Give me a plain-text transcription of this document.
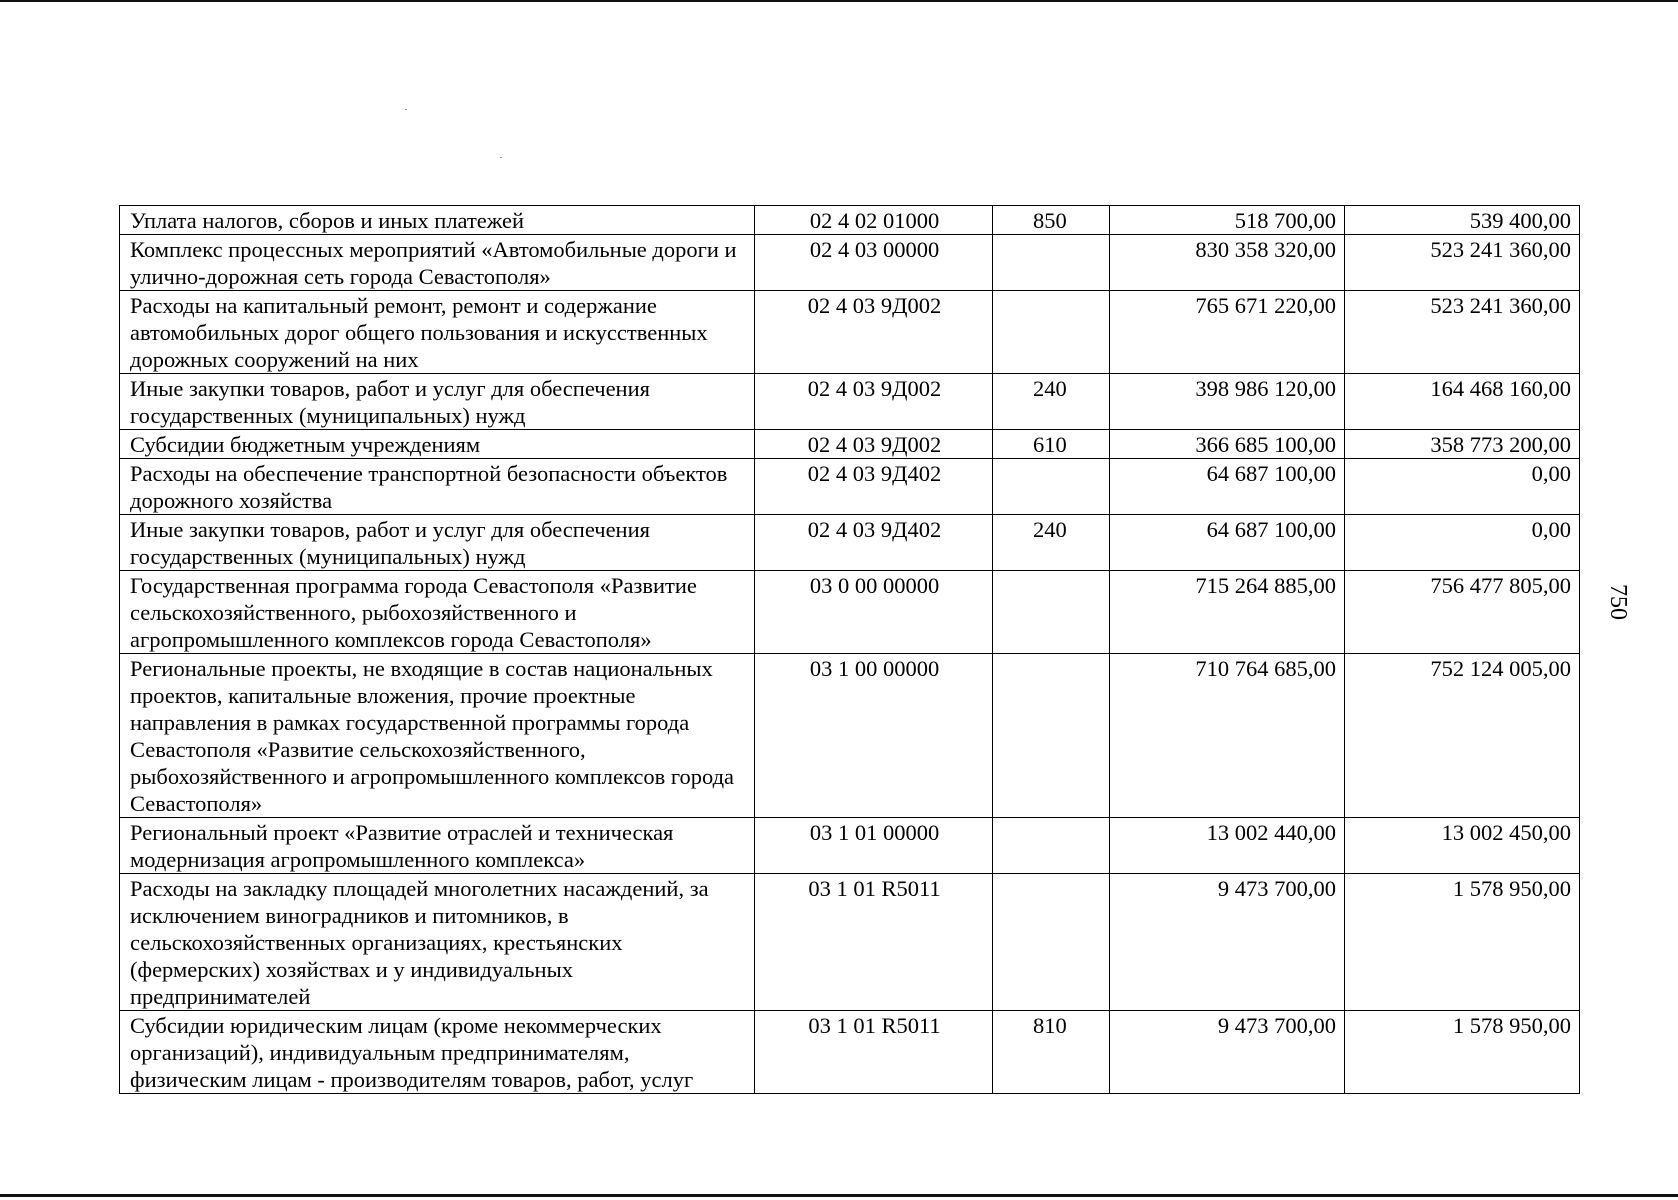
Уплата налогов, сборов и иных платежей	02 4 02 01000	850	518 700,00	539 400,00
Комплекс процессных мероприятий «Автомобильные дороги и улично-дорожная сеть города Севастополя»	02 4 03 00000		830 358 320,00	523 241 360,00
Расходы на капитальный ремонт, ремонт и содержание автомобильных дорог общего пользования и искусственных дорожных сооружений на них	02 4 03 9Д002		765 671 220,00	523 241 360,00
Иные закупки товаров, работ и услуг для обеспечения государственных (муниципальных) нужд	02 4 03 9Д002	240	398 986 120,00	164 468 160,00
Субсидии бюджетным учреждениям	02 4 03 9Д002	610	366 685 100,00	358 773 200,00
Расходы на обеспечение транспортной безопасности объектов дорожного хозяйства	02 4 03 9Д402		64 687 100,00	0,00
Иные закупки товаров, работ и услуг для обеспечения государственных (муниципальных) нужд	02 4 03 9Д402	240	64 687 100,00	0,00
Государственная программа города Севастополя «Развитие сельскохозяйственного, рыбохозяйственного и агропромышленного комплексов города Севастополя»	03 0 00 00000		715 264 885,00	756 477 805,00
Региональные проекты, не входящие в состав национальных проектов, капитальные вложения, прочие проектные направления в рамках государственной программы города Севастополя «Развитие сельскохозяйственного, рыбохозяйственного и агропромышленного комплексов города Севастополя»	03 1 00 00000		710 764 685,00	752 124 005,00
Региональный проект «Развитие отраслей и техническая модернизация агропромышленного комплекса»	03 1 01 00000		13 002 440,00	13 002 450,00
Расходы на закладку площадей многолетних насаждений, за исключением виноградников и питомников, в сельскохозяйственных организациях, крестьянских (фермерских) хозяйствах и у индивидуальных предпринимателей	03 1 01 R5011		9 473 700,00	1 578 950,00
Субсидии юридическим лицам (кроме некоммерческих организаций), индивидуальным предпринимателям, физическим лицам - производителям товаров, работ, услуг	03 1 01 R5011	810	9 473 700,00	1 578 950,00
750
